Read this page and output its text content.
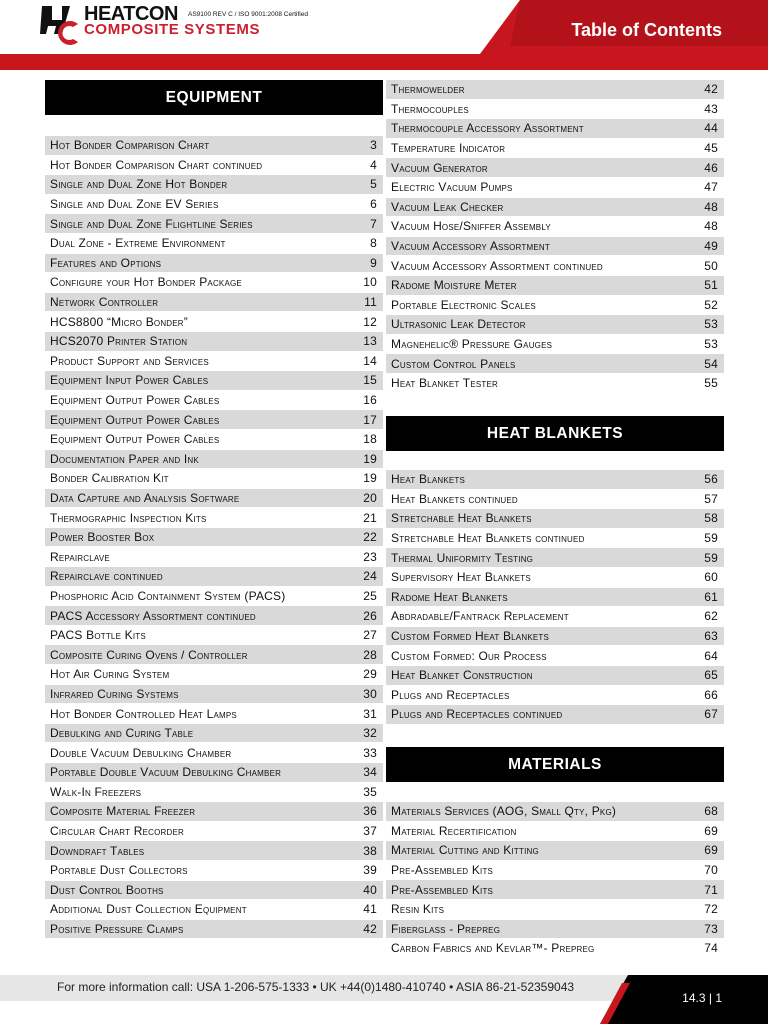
HEATCON AS9100 REV C / ISO 9001:2008 Certified
COMPOSITE SYSTEMS	Table of Contents
EQUIPMENT
Hot Bonder Comparison Chart	3
Hot Bonder Comparison Chart continued	4
Single and Dual Zone Hot Bonder	5
Single and Dual Zone EV Series	6
Single and Dual Zone Flightline Series	7
Dual Zone - Extreme Environment	8
Features and Options	9
Configure your Hot Bonder Package	10
Network Controller	11
HCS8800 “Micro Bonder”	12
HCS2070 Printer Station	13
Product Support and Services	14
Equipment Input Power Cables	15
Equipment Output Power Cables	16
Equipment Output Power Cables	17
Equipment Output Power Cables	18
Documentation Paper and Ink	19
Bonder Calibration Kit	19
Data Capture and Analysis Software	20
Thermographic Inspection Kits	21
Power Booster Box	22
Repairclave	23
Repairclave continued	24
Phosphoric Acid Containment System (PACS)	25
PACS Accessory Assortment continued	26
PACS Bottle Kits	27
Composite Curing Ovens / Controller	28
Hot Air Curing System	29
Infrared Curing Systems	30
Hot Bonder Controlled Heat Lamps	31
Debulking and Curing Table	32
Double Vacuum Debulking Chamber	33
Portable Double Vacuum Debulking Chamber	34
Walk-In Freezers	35
Composite Material Freezer	36
Circular Chart Recorder	37
Downdraft Tables	38
Portable Dust Collectors	39
Dust Control Booths	40
Additional Dust Collection Equipment	41
Positive Pressure Clamps	42
Thermowelder	42
Thermocouples	43
Thermocouple Accessory Assortment	44
Temperature Indicator	45
Vacuum Generator	46
Electric Vacuum Pumps	47
Vacuum Leak Checker	48
Vacuum Hose/Sniffer Assembly	48
Vacuum Accessory Assortment	49
Vacuum Accessory Assortment continued	50
Radome Moisture Meter	51
Portable Electronic Scales	52
Ultrasonic Leak Detector	53
Magnehelic® Pressure Gauges	53
Custom Control Panels	54
Heat Blanket Tester	55
HEAT BLANKETS
Heat Blankets	56
Heat Blankets continued	57
Stretchable Heat Blankets	58
Stretchable Heat Blankets continued	59
Thermal Uniformity Testing	59
Supervisory Heat Blankets	60
Radome Heat Blankets	61
Abdradable/Fantrack Replacement	62
Custom Formed Heat Blankets	63
Custom Formed: Our Process	64
Heat Blanket Construction	65
Plugs and Receptacles	66
Plugs and Receptacles continued	67
MATERIALS
Materials Services (AOG, Small Qty, Pkg)	68
Material Recertification	69
Material Cutting and Kitting	69
Pre-Assembled Kits	70
Pre-Assembled Kits	71
Resin Kits	72
Fiberglass - Prepreg	73
Carbon Fabrics and Kevlar™- Prepreg	74
For more information call: USA 1-206-575-1333 • UK +44(0)1480-410740 • ASIA 86-21-52359043
14.3 | 1
